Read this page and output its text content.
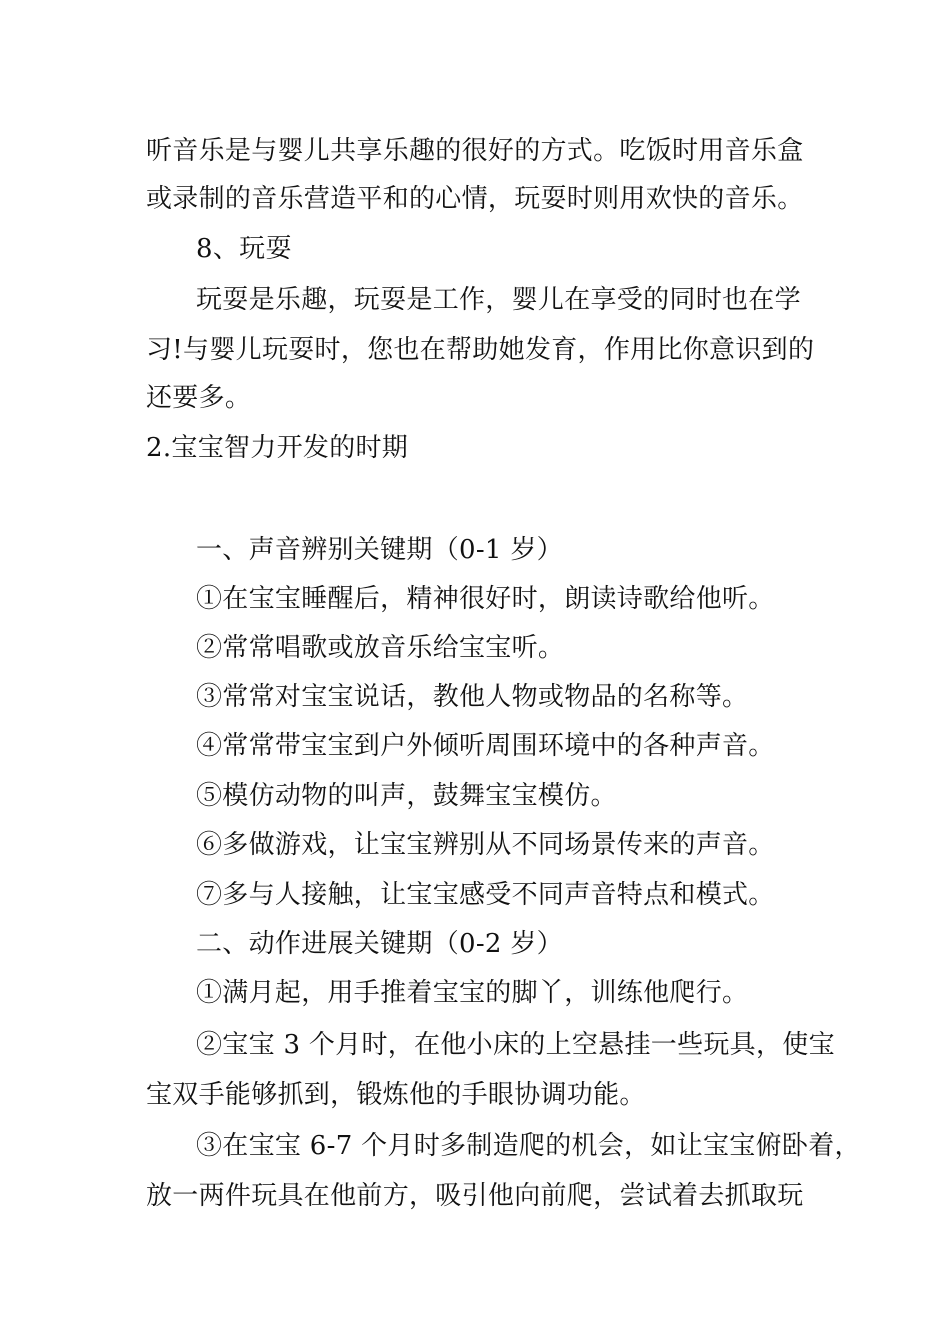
听音乐是与婴儿共享乐趣的很好的方式。吃饭时用音乐盒
或录制的音乐营造平和的心情，玩耍时则用欢快的音乐。
8、玩耍
玩耍是乐趣，玩耍是工作，婴儿在享受的同时也在学
习!与婴儿玩耍时，您也在帮助她发育，作用比你意识到的
还要多。
2.宝宝智力开发的时期
一、声音辨别关键期（0-1 岁）
①在宝宝睡醒后，精神很好时，朗读诗歌给他听。
②常常唱歌或放音乐给宝宝听。
③常常对宝宝说话，教他人物或物品的名称等。
④常常带宝宝到户外倾听周围环境中的各种声音。
⑤模仿动物的叫声，鼓舞宝宝模仿。
⑥多做游戏，让宝宝辨别从不同场景传来的声音。
⑦多与人接触，让宝宝感受不同声音特点和模式。
二、动作进展关键期（0-2 岁）
①满月起，用手推着宝宝的脚丫，训练他爬行。
②宝宝 3 个月时，在他小床的上空悬挂一些玩具，使宝
宝双手能够抓到，锻炼他的手眼协调功能。
③在宝宝 6-7 个月时多制造爬的机会，如让宝宝俯卧着，
放一两件玩具在他前方，吸引他向前爬，尝试着去抓取玩
